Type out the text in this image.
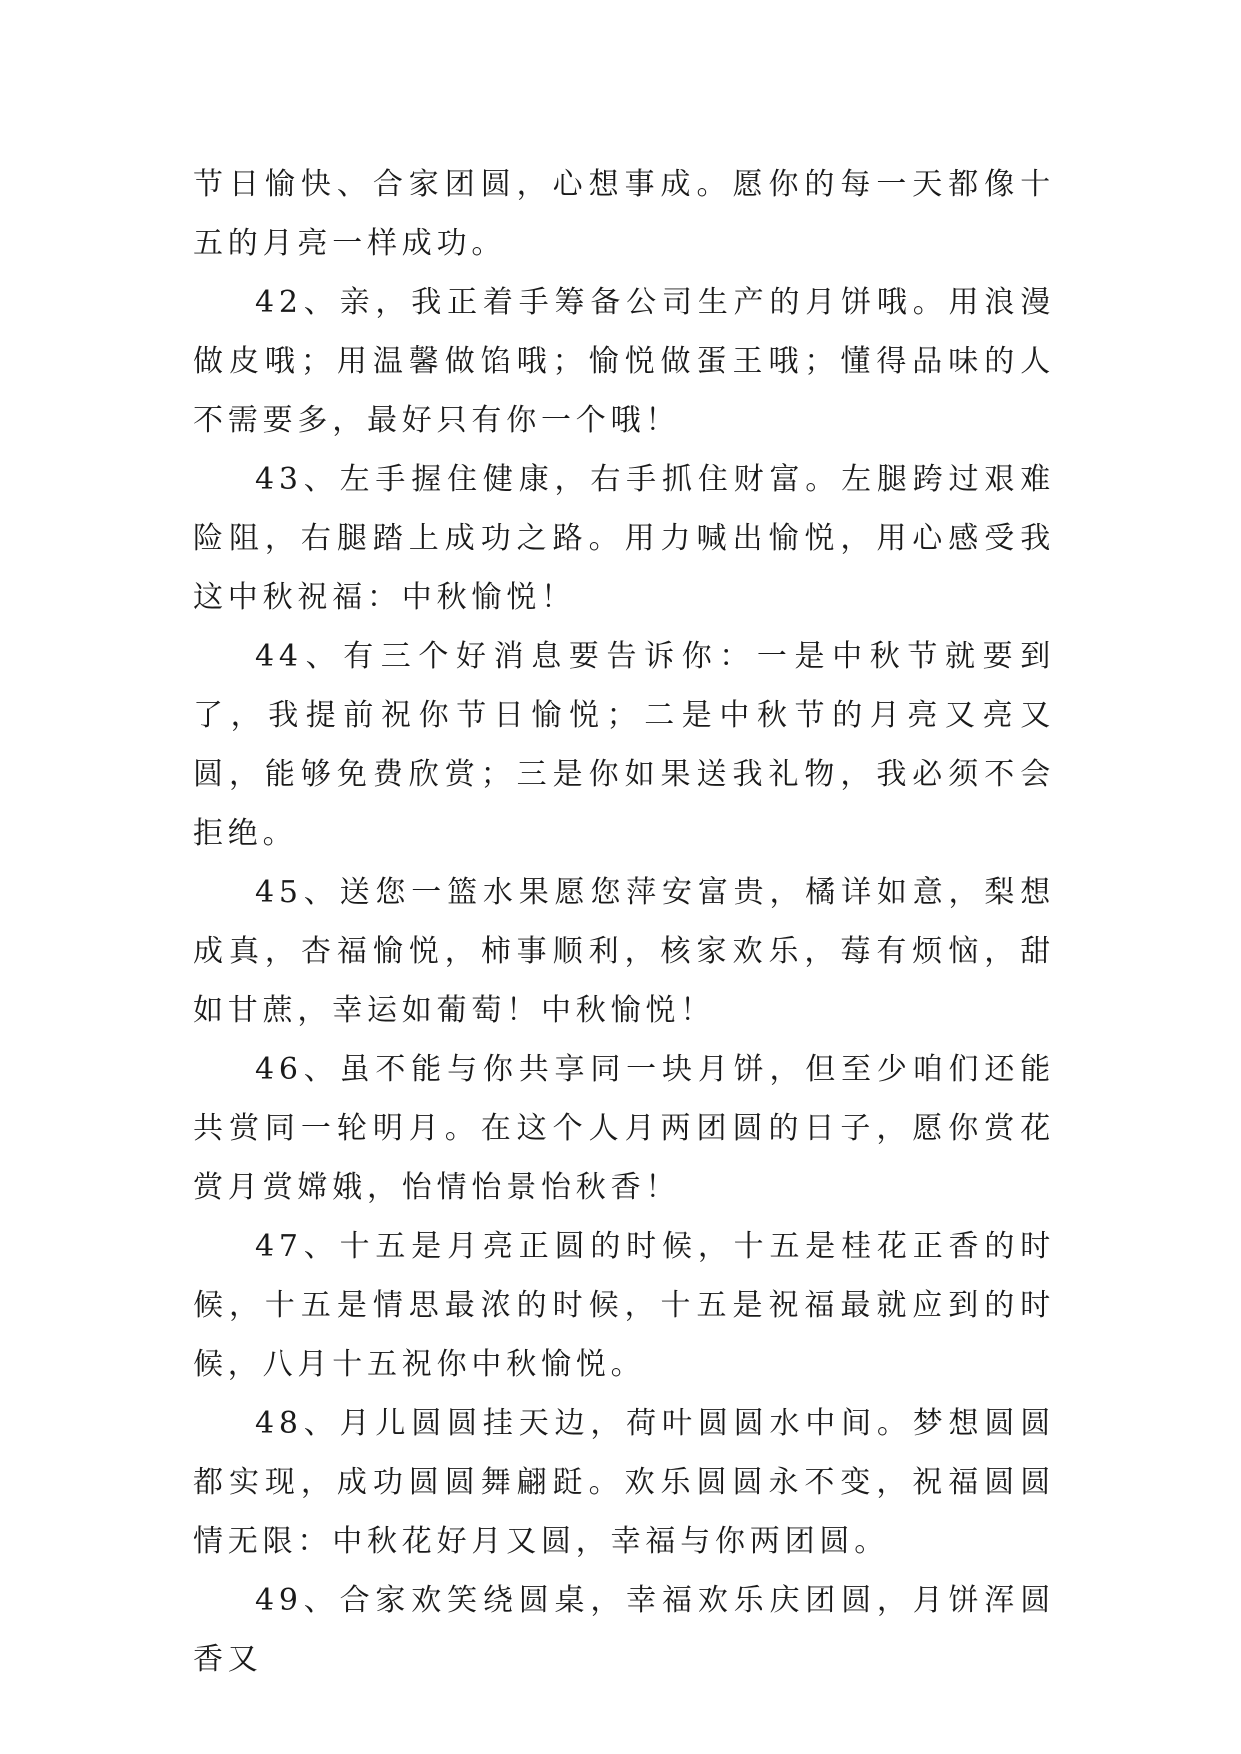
节日愉快、合家团圆，心想事成。愿你的每一天都像十五的月亮一样成功。

42、亲，我正着手筹备公司生产的月饼哦。用浪漫做皮哦；用温馨做馅哦；愉悦做蛋王哦；懂得品味的人不需要多，最好只有你一个哦！

43、左手握住健康，右手抓住财富。左腿跨过艰难险阻，右腿踏上成功之路。用力喊出愉悦，用心感受我这中秋祝福：中秋愉悦！

44、有三个好消息要告诉你：一是中秋节就要到了，我提前祝你节日愉悦；二是中秋节的月亮又亮又圆，能够免费欣赏；三是你如果送我礼物，我必须不会拒绝。

45、送您一篮水果愿您萍安富贵，橘详如意，梨想成真，杏福愉悦，柿事顺利，核家欢乐，莓有烦恼，甜如甘蔗，幸运如葡萄！中秋愉悦！

46、虽不能与你共享同一块月饼，但至少咱们还能共赏同一轮明月。在这个人月两团圆的日子，愿你赏花赏月赏嫦娥，怡情怡景怡秋香！

47、十五是月亮正圆的时候，十五是桂花正香的时候，十五是情思最浓的时候，十五是祝福最就应到的时候，八月十五祝你中秋愉悦。

48、月儿圆圆挂天边，荷叶圆圆水中间。梦想圆圆都实现，成功圆圆舞翩跹。欢乐圆圆永不变，祝福圆圆情无限：中秋花好月又圆，幸福与你两团圆。

49、合家欢笑绕圆桌，幸福欢乐庆团圆，月饼浑圆香又
